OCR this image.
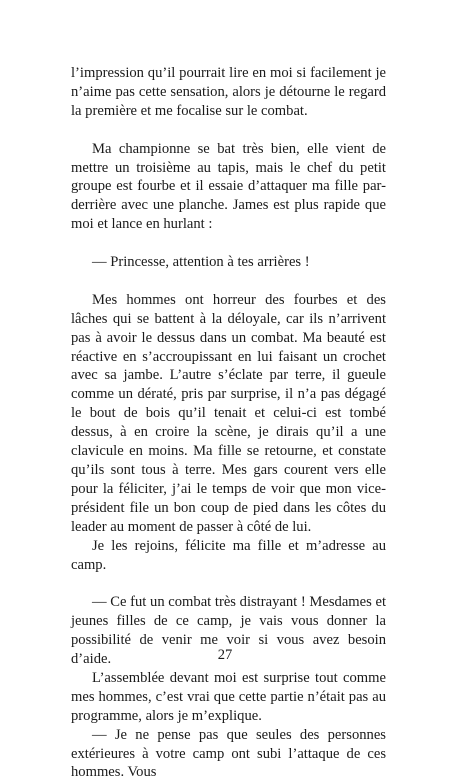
l’impression qu’il pourrait lire en moi si facilement je n’aime pas cette sensation, alors je détourne le regard la première et me focalise sur le combat.

Ma championne se bat très bien, elle vient de mettre un troisième au tapis, mais le chef du petit groupe est fourbe et il essaie d’attaquer ma fille par-derrière avec une planche. James est plus rapide que moi et lance en hurlant :

— Princesse, attention à tes arrières !

Mes hommes ont horreur des fourbes et des lâches qui se battent à la déloyale, car ils n’arrivent pas à avoir le dessus dans un combat. Ma beauté est réactive en s’accroupissant en lui faisant un crochet avec sa jambe. L’autre s’éclate par terre, il gueule comme un dératé, pris par surprise, il n’a pas dégagé le bout de bois qu’il tenait et celui-ci est tombé dessus, à en croire la scène, je dirais qu’il a une clavicule en moins. Ma fille se retourne, et constate qu’ils sont tous à terre. Mes gars courent vers elle pour la féliciter, j’ai le temps de voir que mon vice-président file un bon coup de pied dans les côtes du leader au moment de passer à côté de lui.

Je les rejoins, félicite ma fille et m’adresse au camp.

— Ce fut un combat très distrayant ! Mesdames et jeunes filles de ce camp, je vais vous donner la possibilité de venir me voir si vous avez besoin d’aide.

L’assemblée devant moi est surprise tout comme mes hommes, c’est vrai que cette partie n’était pas au programme, alors je m’explique.

— Je ne pense pas que seules des personnes extérieures à votre camp ont subi l’attaque de ces hommes. Vous

27
